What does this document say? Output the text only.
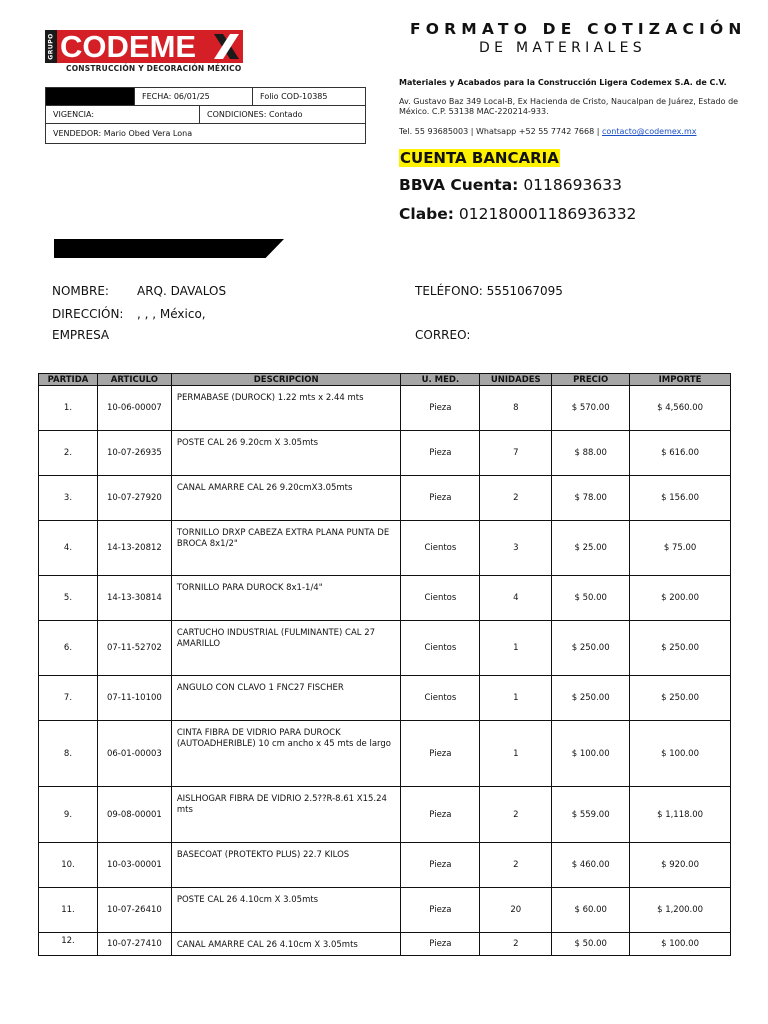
GRUPO CODEME
CONSTRUCCIÓN Y DECORACIÓN MÉXICO
FORMATO DE COTIZACIÓN
DE MATERIALES
Materiales y Acabados para la Construcción Ligera Codemex S.A. de C.V.
Av. Gustavo Baz 349 Local-B, Ex Hacienda de Cristo, Naucalpan de Juárez, Estado de México. C.P. 53138 MAC-220214-933.
Tel. 55 93685003 | Whatsapp +52 55 7742 7668 | contacto@codemex.mx
CUENTA BANCARIA
BBVA Cuenta: 0118693633
Clabe: 012180001186936332
FECHA: 06/01/25	Folio COD-10385
VIGENCIA:	CONDICIONES: Contado
VENDEDOR: Mario Obed Vera Lona
NOMBRE: ARQ. DAVALOS
DIRECCIÓN: , , , México,
EMPRESA
TELÉFONO: 5551067095
CORREO:
PARTIDA	ARTICULO	DESCRIPCION	U. MED.	UNIDADES	PRECIO	IMPORTE
1.	10-06-00007	PERMABASE (DUROCK) 1.22 mts x 2.44 mts	Pieza	8	$ 570.00	$ 4,560.00
2.	10-07-26935	POSTE CAL 26 9.20cm X 3.05mts	Pieza	7	$ 88.00	$ 616.00
3.	10-07-27920	CANAL AMARRE CAL 26 9.20cmX3.05mts	Pieza	2	$ 78.00	$ 156.00
4.	14-13-20812	TORNILLO DRXP CABEZA EXTRA PLANA PUNTA DE BROCA 8x1/2"	Cientos	3	$ 25.00	$ 75.00
5.	14-13-30814	TORNILLO PARA DUROCK 8x1-1/4"	Cientos	4	$ 50.00	$ 200.00
6.	07-11-52702	CARTUCHO INDUSTRIAL (FULMINANTE) CAL 27 AMARILLO	Cientos	1	$ 250.00	$ 250.00
7.	07-11-10100	ANGULO CON CLAVO 1 FNC27 FISCHER	Cientos	1	$ 250.00	$ 250.00
8.	06-01-00003	CINTA FIBRA DE VIDRIO PARA DUROCK (AUTOADHERIBLE) 10 cm ancho x 45 mts de largo	Pieza	1	$ 100.00	$ 100.00
9.	09-08-00001	AISLHOGAR FIBRA DE VIDRIO 2.5??R-8.61 X15.24 mts	Pieza	2	$ 559.00	$ 1,118.00
10.	10-03-00001	BASECOAT (PROTEKTO PLUS) 22.7 KILOS	Pieza	2	$ 460.00	$ 920.00
11.	10-07-26410	POSTE CAL 26 4.10cm X 3.05mts	Pieza	20	$ 60.00	$ 1,200.00
12.	10-07-27410	CANAL AMARRE CAL 26 4.10cm X 3.05mts	Pieza	2	$ 50.00	$ 100.00
